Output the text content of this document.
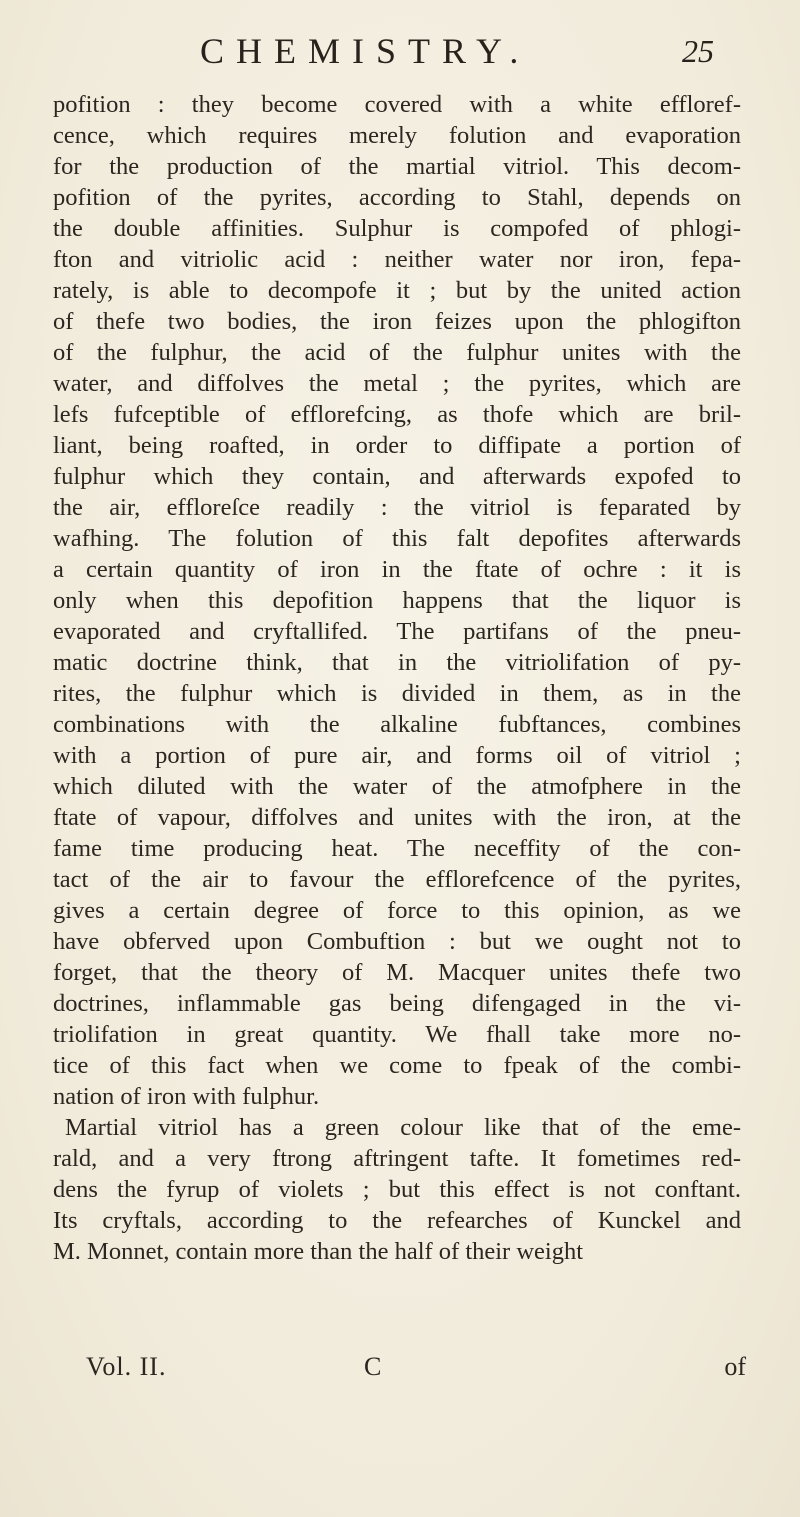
CHEMISTRY.	25
pofition : they become covered with a white effloref-
cence, which requires merely folution and evaporation
for the production of the martial vitriol. This decom-
pofition of the pyrites, according to Stahl, depends on
the double affinities. Sulphur is compofed of phlogi-
fton and vitriolic acid : neither water nor iron, fepa-
rately, is able to decompofe it ; but by the united action
of thefe two bodies, the iron feizes upon the phlogifton
of the fulphur, the acid of the fulphur unites with the
water, and diffolves the metal ; the pyrites, which are
lefs fufceptible of efflorefcing, as thofe which are bril-
liant, being roafted, in order to diffipate a portion of
fulphur which they contain, and afterwards expofed to
the air, effloreſce readily : the vitriol is feparated by
wafhing. The folution of this falt depofites afterwards
a certain quantity of iron in the ftate of ochre : it is
only when this depofition happens that the liquor is
evaporated and cryftallifed. The partifans of the pneu-
matic doctrine think, that in the vitriolifation of py-
rites, the fulphur which is divided in them, as in the
combinations with the alkaline fubftances, combines
with a portion of pure air, and forms oil of vitriol ;
which diluted with the water of the atmofphere in the
ftate of vapour, diffolves and unites with the iron, at the
fame time producing heat. The neceffity of the con-
tact of the air to favour the efflorefcence of the pyrites,
gives a certain degree of force to this opinion, as we
have obferved upon Combuftion : but we ought not to
forget, that the theory of M. Macquer unites thefe two
doctrines, inflammable gas being difengaged in the vi-
triolifation in great quantity. We fhall take more no-
tice of this fact when we come to fpeak of the combi-
nation of iron with fulphur.
Martial vitriol has a green colour like that of the eme-
rald, and a very ftrong aftringent tafte. It fometimes red-
dens the fyrup of violets ; but this effect is not conftant.
Its cryftals, according to the refearches of Kunckel and
M. Monnet, contain more than the half of their weight
Vol. II.	C	of
